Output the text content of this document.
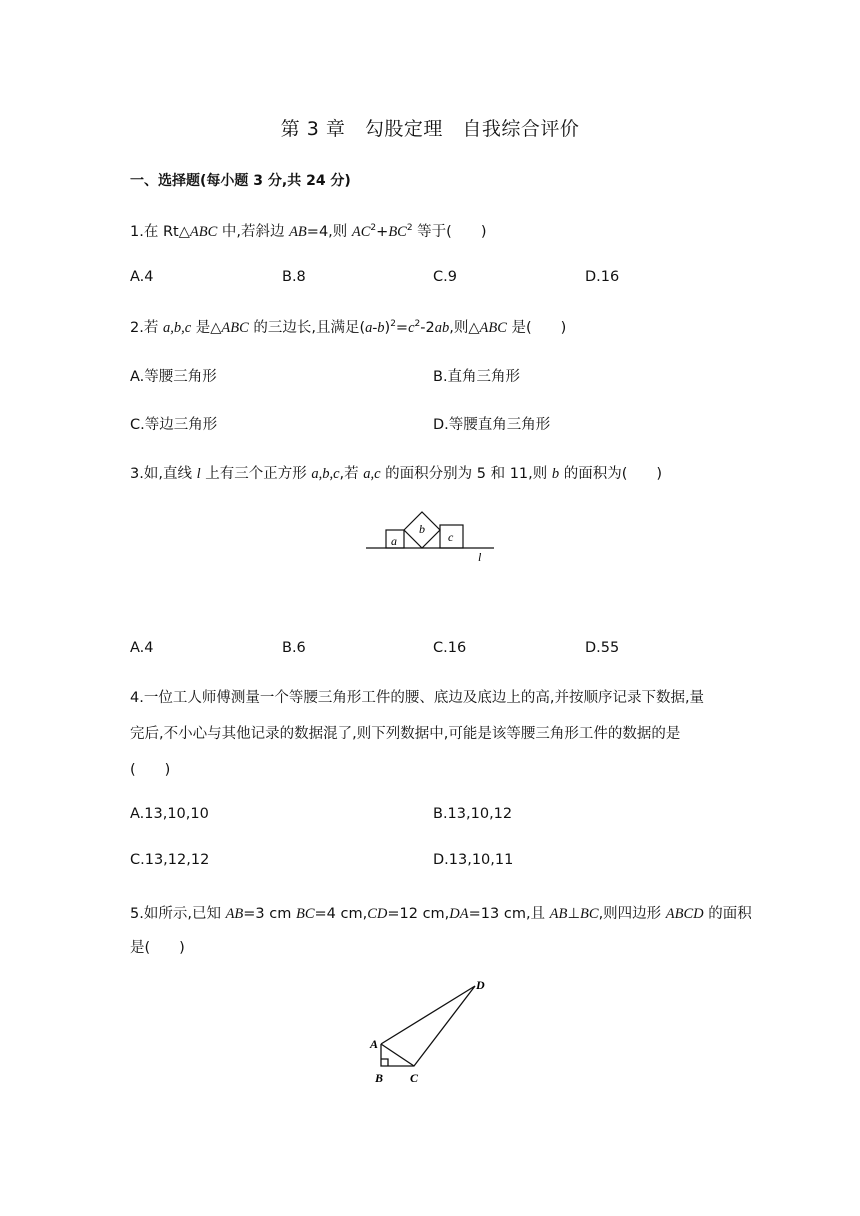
第 3 章　勾股定理　自我综合评价
一、选择题(每小题 3 分,共 24 分)
1.在 Rt△ABC 中,若斜边 AB=4,则 $AC^2+BC^2$ 等于(　　)
A.4	B.8	C.9	D.16
2.若 a,b,c 是△ABC 的三边长,且满足$(a-b)^2=c^2-2ab$,则△ABC 是(　　)
A.等腰三角形	B.直角三角形
C.等边三角形	D.等腰直角三角形
3.如,直线 l 上有三个正方形 a,b,c,若 a,c 的面积分别为 5 和 11,则 b 的面积为(　　)
a
b
c
l
A.4	B.6	C.16	D.55
4.一位工人师傅测量一个等腰三角形工件的腰、底边及底边上的高,并按顺序记录下数据,量
完后,不小心与其他记录的数据混了,则下列数据中,可能是该等腰三角形工件的数据的是
(　　)
A.13,10,10	B.13,10,12
C.13,12,12	D.13,10,11
5.如所示,已知 AB=3 cm BC=4 cm,CD=12 cm,DA=13 cm,且 AB⊥BC,则四边形 ABCD 的面积
是(　　)
A
B C
D
